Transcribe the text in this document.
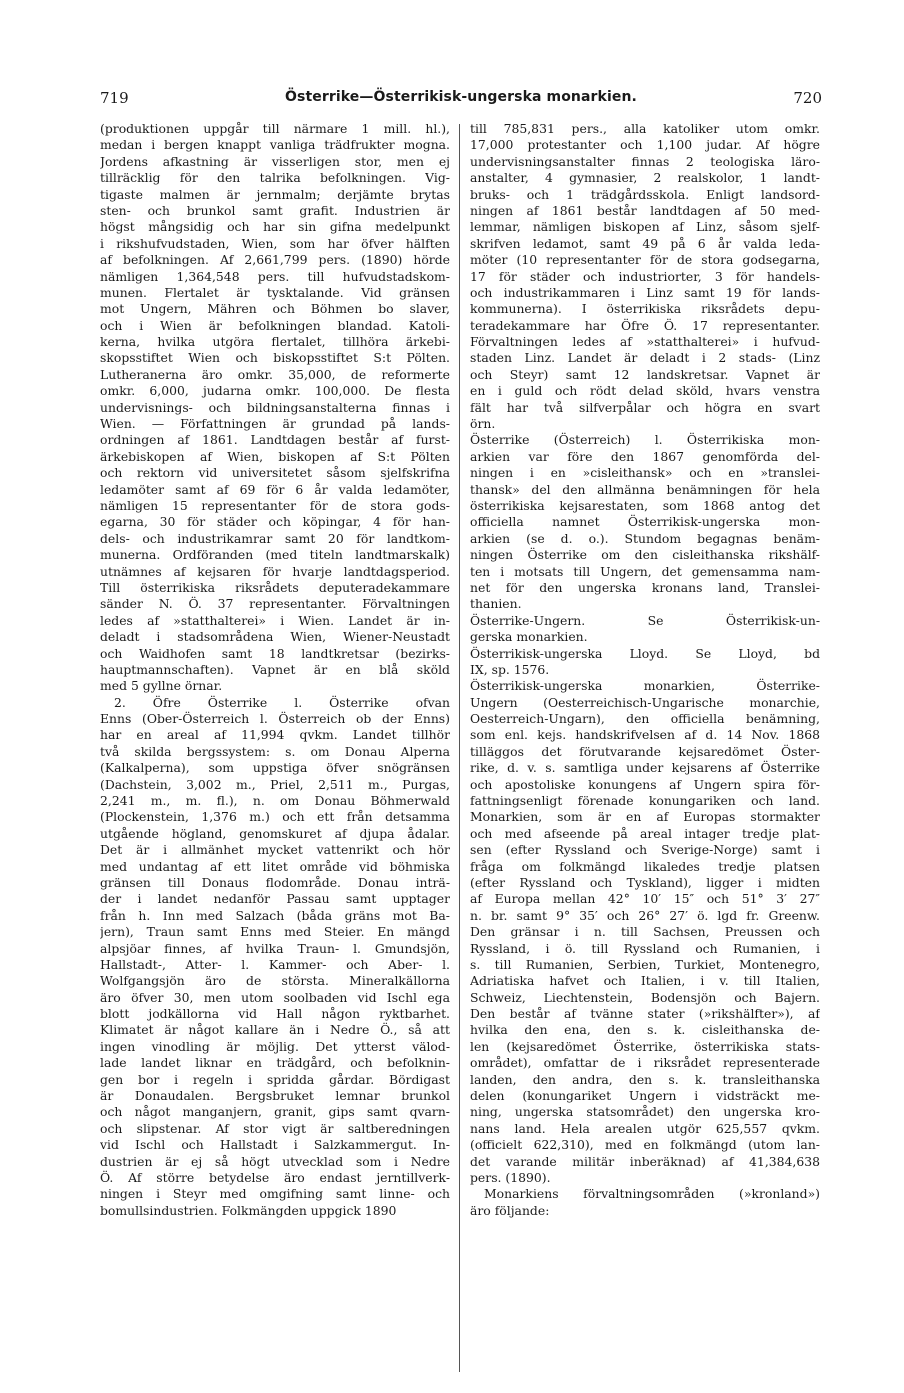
719	Österrike—Österrikisk-ungerska monarkien.	720
(produktionen uppgår till närmare 1 mill. hl.),
medan i bergen knappt vanliga trädfrukter mogna.
Jordens afkastning är visserligen stor, men ej
tillräcklig för den talrika befolkningen. Vig-
tigaste malmen är jernmalm; derjämte brytas
sten- och brunkol samt grafit. Industrien är
högst mångsidig och har sin gifna medelpunkt
i rikshufvudstaden, Wien, som har öfver hälften
af befolkningen. Af 2,661,799 pers. (1890) hörde
nämligen 1,364,548 pers. till hufvudstadskom-
munen. Flertalet är tysktalande. Vid gränsen
mot Ungern, Mähren och Böhmen bo slaver,
och i Wien är befolkningen blandad. Katoli-
kerna, hvilka utgöra flertalet, tillhöra ärkebi-
skopsstiftet Wien och biskopsstiftet S:t Pölten.
Lutheranerna äro omkr. 35,000, de reformerte
omkr. 6,000, judarna omkr. 100,000. De flesta
undervisnings- och bildningsanstalterna finnas i
Wien. — Författningen är grundad på lands-
ordningen af 1861. Landtdagen består af furst-
ärkebiskopen af Wien, biskopen af S:t Pölten
och rektorn vid universitetet såsom sjelfskrifna
ledamöter samt af 69 för 6 år valda ledamöter,
nämligen 15 representanter för de stora gods-
egarna, 30 för städer och köpingar, 4 för han-
dels- och industrikamrar samt 20 för landtkom-
munerna. Ordföranden (med titeln landtmarskalk)
utnämnes af kejsaren för hvarje landtdagsperiod.
Till österrikiska riksrådets deputeradekammare
sänder N. Ö. 37 representanter. Förvaltningen
ledes af »statthalterei» i Wien. Landet är in-
deladt i stadsområdena Wien, Wiener-Neustadt
och Waidhofen samt 18 landtkretsar (bezirks-
hauptmannschaften). Vapnet är en blå sköld
med 5 gyllne örnar.
2. Öfre Österrike l. Österrike ofvan
Enns (Ober-Österreich l. Österreich ob der Enns)
har en areal af 11,994 qvkm. Landet tillhör
två skilda bergssystem: s. om Donau Alperna
(Kalkalperna), som uppstiga öfver snögränsen
(Dachstein, 3,002 m., Priel, 2,511 m., Purgas,
2,241 m., m. fl.), n. om Donau Böhmerwald
(Plockenstein, 1,376 m.) och ett från detsamma
utgående högland, genomskuret af djupa ådalar.
Det är i allmänhet mycket vattenrikt och hör
med undantag af ett litet område vid böhmiska
gränsen till Donaus flodområde. Donau inträ-
der i landet nedanför Passau samt upptager
från h. Inn med Salzach (båda gräns mot Ba-
jern), Traun samt Enns med Steier. En mängd
alpsjöar finnes, af hvilka Traun- l. Gmundsjön,
Hallstadt-, Atter- l. Kammer- och Aber- l.
Wolfgangsjön äro de största. Mineralkällorna
äro öfver 30, men utom soolbaden vid Ischl ega
blott jodkällorna vid Hall någon ryktbarhet.
Klimatet är något kallare än i Nedre Ö., så att
ingen vinodling är möjlig. Det ytterst välod-
lade landet liknar en trädgård, och befolknin-
gen bor i regeln i spridda gårdar. Bördigast
är Donaudalen. Bergsbruket lemnar brunkol
och något manganjern, granit, gips samt qvarn-
och slipstenar. Af stor vigt är saltberedningen
vid Ischl och Hallstadt i Salzkammergut. In-
dustrien är ej så högt utvecklad som i Nedre
Ö. Af större betydelse äro endast jerntillverk-
ningen i Steyr med omgifning samt linne- och
bomullsindustrien. Folkmängden uppgick 1890
till 785,831 pers., alla katoliker utom omkr.
17,000 protestanter och 1,100 judar. Af högre
undervisningsanstalter finnas 2 teologiska läro-
anstalter, 4 gymnasier, 2 realskolor, 1 landt-
bruks- och 1 trädgårdsskola. Enligt landsord-
ningen af 1861 består landtdagen af 50 med-
lemmar, nämligen biskopen af Linz, såsom sjelf-
skrifven ledamot, samt 49 på 6 år valda leda-
möter (10 representanter för de stora godsegarna,
17 för städer och industriorter, 3 för handels-
och industrikammaren i Linz samt 19 för lands-
kommunerna). I österrikiska riksrådets depu-
teradekammare har Öfre Ö. 17 representanter.
Förvaltningen ledes af »statthalterei» i hufvud-
staden Linz. Landet är deladt i 2 stads- (Linz
och Steyr) samt 12 landskretsar. Vapnet är
en i guld och rödt delad sköld, hvars venstra
fält har två silfverpålar och högra en svart
örn.
Österrike (Österreich) l. Österrikiska mon-
arkien var före den 1867 genomförda del-
ningen i en »cisleithansk» och en »translei-
thansk» del den allmänna benämningen för hela
österrikiska kejsarestaten, som 1868 antog det
officiella namnet Österrikisk-ungerska mon-
arkien (se d. o.). Stundom begagnas benäm-
ningen Österrike om den cisleithanska rikshälf-
ten i motsats till Ungern, det gemensamma nam-
net för den ungerska kronans land, Translei-
thanien.
Österrike-Ungern. Se Österrikisk-un-
gerska monarkien.
Österrikisk-ungerska Lloyd. Se Lloyd, bd
IX, sp. 1576.
Österrikisk-ungerska monarkien, Österrike-
Ungern (Oesterreichisch-Ungarische monarchie,
Oesterreich-Ungarn), den officiella benämning,
som enl. kejs. handskrifvelsen af d. 14 Nov. 1868
tilläggos det förutvarande kejsaredömet Öster-
rike, d. v. s. samtliga under kejsarens af Österrike
och apostoliske konungens af Ungern spira för-
fattningsenligt förenade konungariken och land.
Monarkien, som är en af Europas stormakter
och med afseende på areal intager tredje plat-
sen (efter Ryssland och Sverige-Norge) samt i
fråga om folkmängd likaledes tredje platsen
(efter Ryssland och Tyskland), ligger i midten
af Europa mellan 42° 10′ 15″ och 51° 3′ 27″
n. br. samt 9° 35′ och 26° 27′ ö. lgd fr. Greenw.
Den gränsar i n. till Sachsen, Preussen och
Ryssland, i ö. till Ryssland och Rumanien, i
s. till Rumanien, Serbien, Turkiet, Montenegro,
Adriatiska hafvet och Italien, i v. till Italien,
Schweiz, Liechtenstein, Bodensjön och Bajern.
Den består af tvänne stater (»rikshälfter»), af
hvilka den ena, den s. k. cisleithanska de-
len (kejsaredömet Österrike, österrikiska stats-
området), omfattar de i riksrådet representerade
landen, den andra, den s. k. transleithanska
delen (konungariket Ungern i vidsträckt me-
ning, ungerska statsområdet) den ungerska kro-
nans land. Hela arealen utgör 625,557 qvkm.
(officielt 622,310), med en folkmängd (utom lan-
det varande militär inberäknad) af 41,384,638
pers. (1890).
Monarkiens förvaltningsområden (»kronland»)
äro följande:
